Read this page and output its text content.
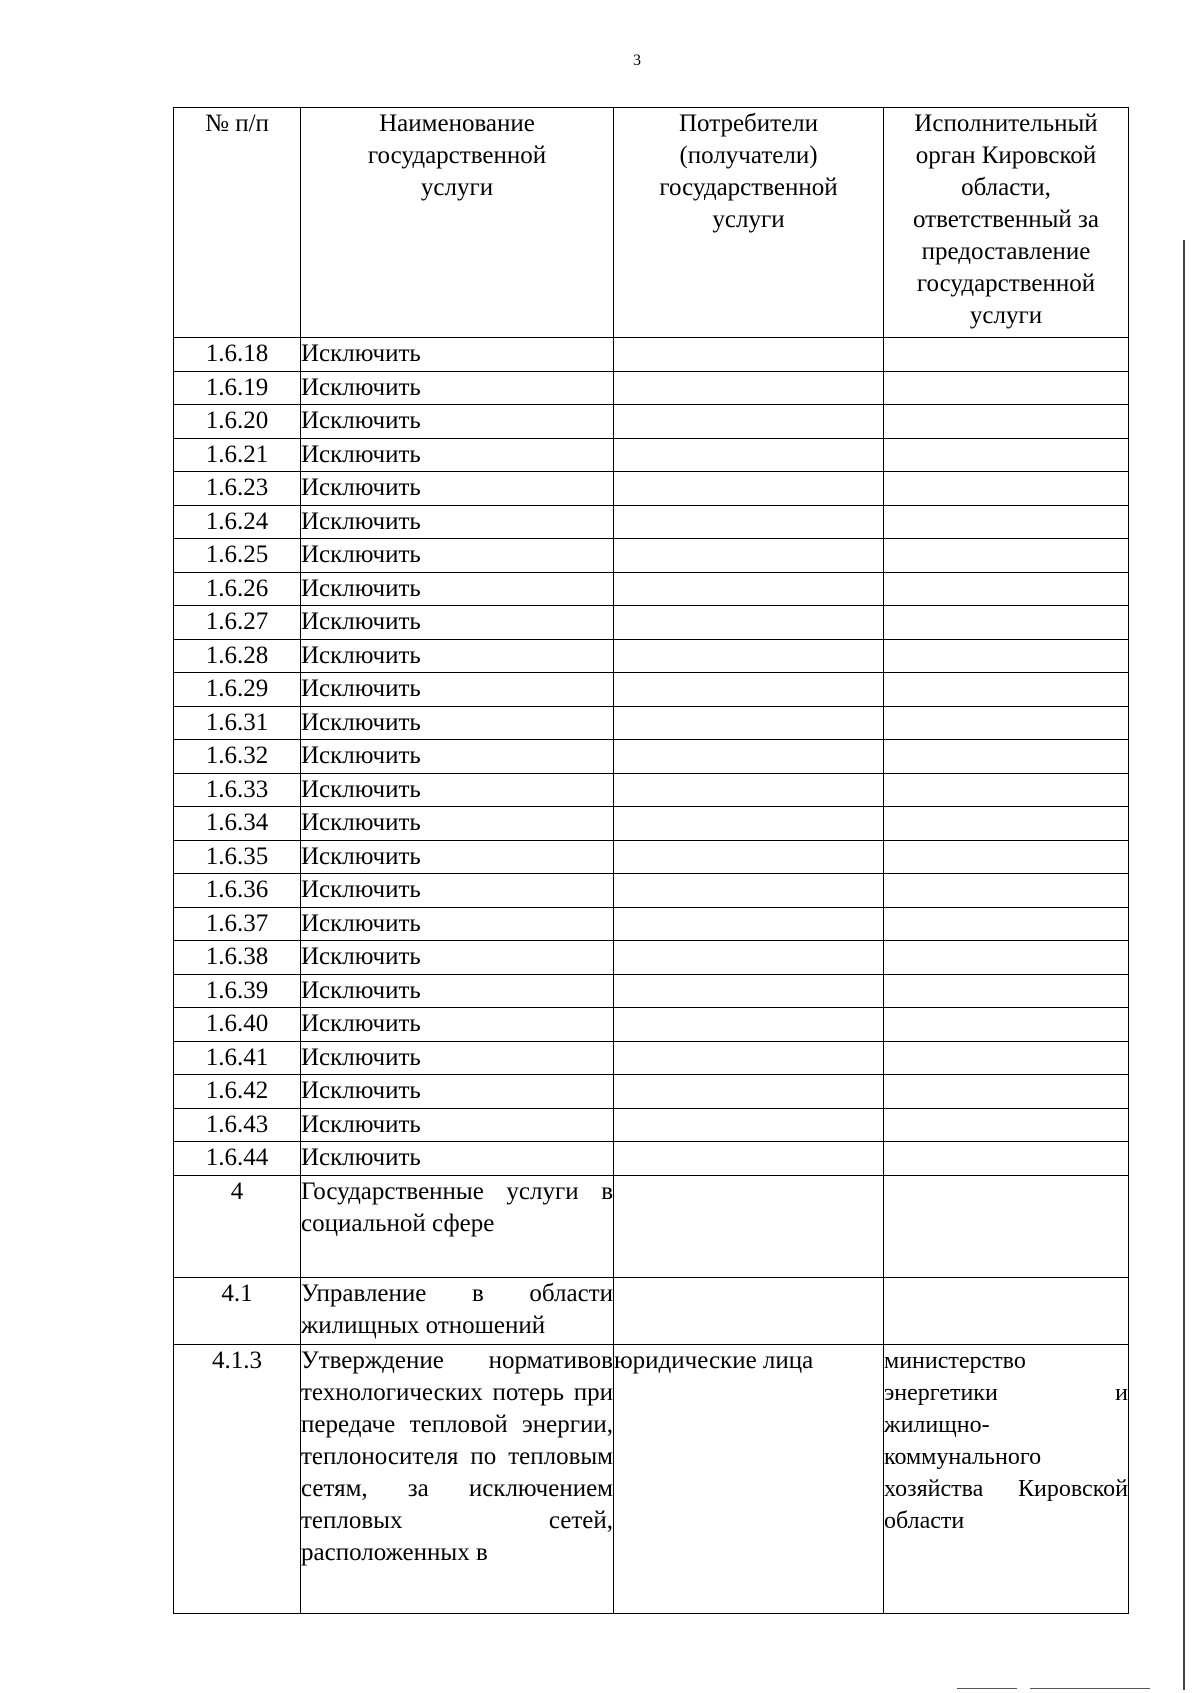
3
№ п/п	Наименование государственной услуги	Потребители (получатели) государственной услуги	Исполнительный орган Кировской области, ответственный за предоставление государственной услуги
1.6.18	Исключить		
1.6.19	Исключить		
1.6.20	Исключить		
1.6.21	Исключить		
1.6.23	Исключить		
1.6.24	Исключить		
1.6.25	Исключить		
1.6.26	Исключить		
1.6.27	Исключить		
1.6.28	Исключить		
1.6.29	Исключить		
1.6.31	Исключить		
1.6.32	Исключить		
1.6.33	Исключить		
1.6.34	Исключить		
1.6.35	Исключить		
1.6.36	Исключить		
1.6.37	Исключить		
1.6.38	Исключить		
1.6.39	Исключить		
1.6.40	Исключить		
1.6.41	Исключить		
1.6.42	Исключить		
1.6.43	Исключить		
1.6.44	Исключить		
4	Государственные услуги в социальной сфере		
4.1	Управление в области жилищных отношений		
4.1.3	Утверждение нормативов технологических потерь при передаче тепловой энергии, теплоносителя по тепловым сетям, за исключением тепловых сетей, расположенных в	юридические лица	министерство энергетики и жилищно-коммунального хозяйства Кировской области
